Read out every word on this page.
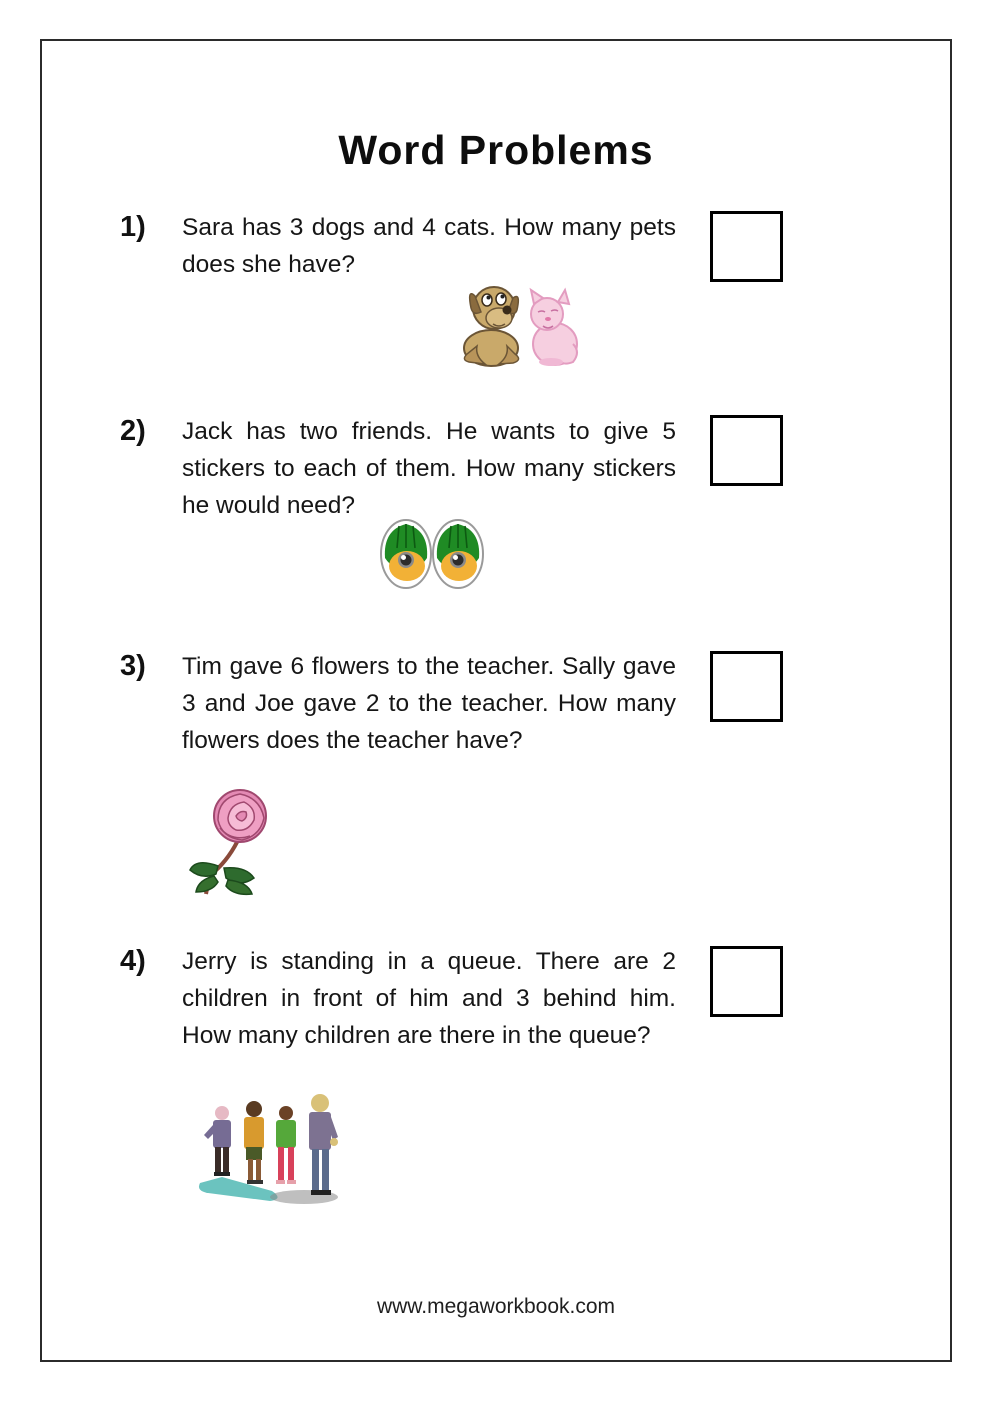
Word Problems
1) Sara has 3 dogs and 4 cats. How many pets does she have?
2) Jack has two friends. He wants to give 5 stickers to each of them. How many stickers he would need?
3) Tim gave 6 flowers to the teacher. Sally gave 3 and Joe gave 2 to the teacher. How many flowers does the teacher have?
4) Jerry is standing in a queue. There are 2 children in front of him and 3 behind him. How many children are there in the queue?
www.megaworkbook.com
